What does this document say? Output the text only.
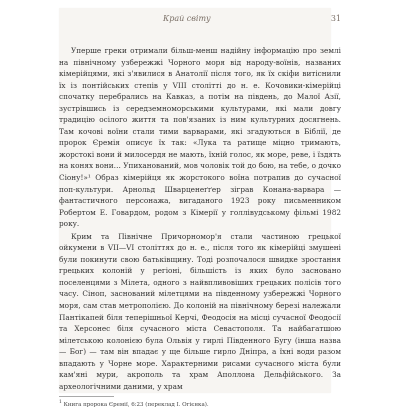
Край світу	31

Уперше греки отримали більш-менш надійну інформацію про землі на північному узбережжі Чорного моря від народу-воїнів, названих кімерійцями, які з'явилися в Анатолії після того, як їх скіфи витіснили їх із понтійських степів у VIII столітті до н. е. Кочовики-кімерійці спочатку перебрались на Кавказ, а потім на південь, до Малої Азії, зустрівшись із середземноморськими культурами, які мали довгу традицію осілого життя та пов'язаних із ним культурних досягнень. Там кочові воїни стали тими варварами, які згадуються в Біблії, де пророк Єремія описує їх так: «Лука та ратище міцно тримають, жорстокі вони й милосердя не мають, їхній голос, як море, реве, і їздять на конях вони… Упиханований, мов чоловік той до бою, на тебе, о дочко Сіону!»¹ Образ кімерійця як жорстокого воїна потрапив до сучасної поп-культури. Арнольд Шварценеґґер зіграв Конана-варвара — фантастичного персонажа, вигаданого 1923 року письменником Робертом Е. Говардом, родом з Кімерії у голлівудському фільмі 1982 року.

Крим та Північне Причорномор'я стали частиною грецької ойкумени в VII—VI століттях до н. е., після того як кімерійці змушені були покинути свою батьківщину. Тоді розпочалося швидке зростання грецьких колоній у регіоні, більшість із яких було засновано поселенцями з Мілета, одного з найвпливовіших грецьких полісів того часу. Сіноп, заснований мілетцями на південному узбережжі Чорного моря, сам став метрополією. До колоній на північному березі належали Пантікапей біля теперішньої Керчі, Феодосія на місці сучасної Феодосії та Херсонес біля сучасного міста Севастополя. Та найбагатшою мілетською колонією була Ольвія у гирлі Південного Бугу (інша назва — Бог) — там він впадає у ще більше гирло Дніпра, а їхні води разом впадають у Чорне море. Характерними рисами сучасного міста були кам'яні мури, акрополь та храм Аполлона Дельфійського. За археологічними даними, у храм

$^1$ Книга пророка Єремії, 6:23 (переклад І. Огієнка).
